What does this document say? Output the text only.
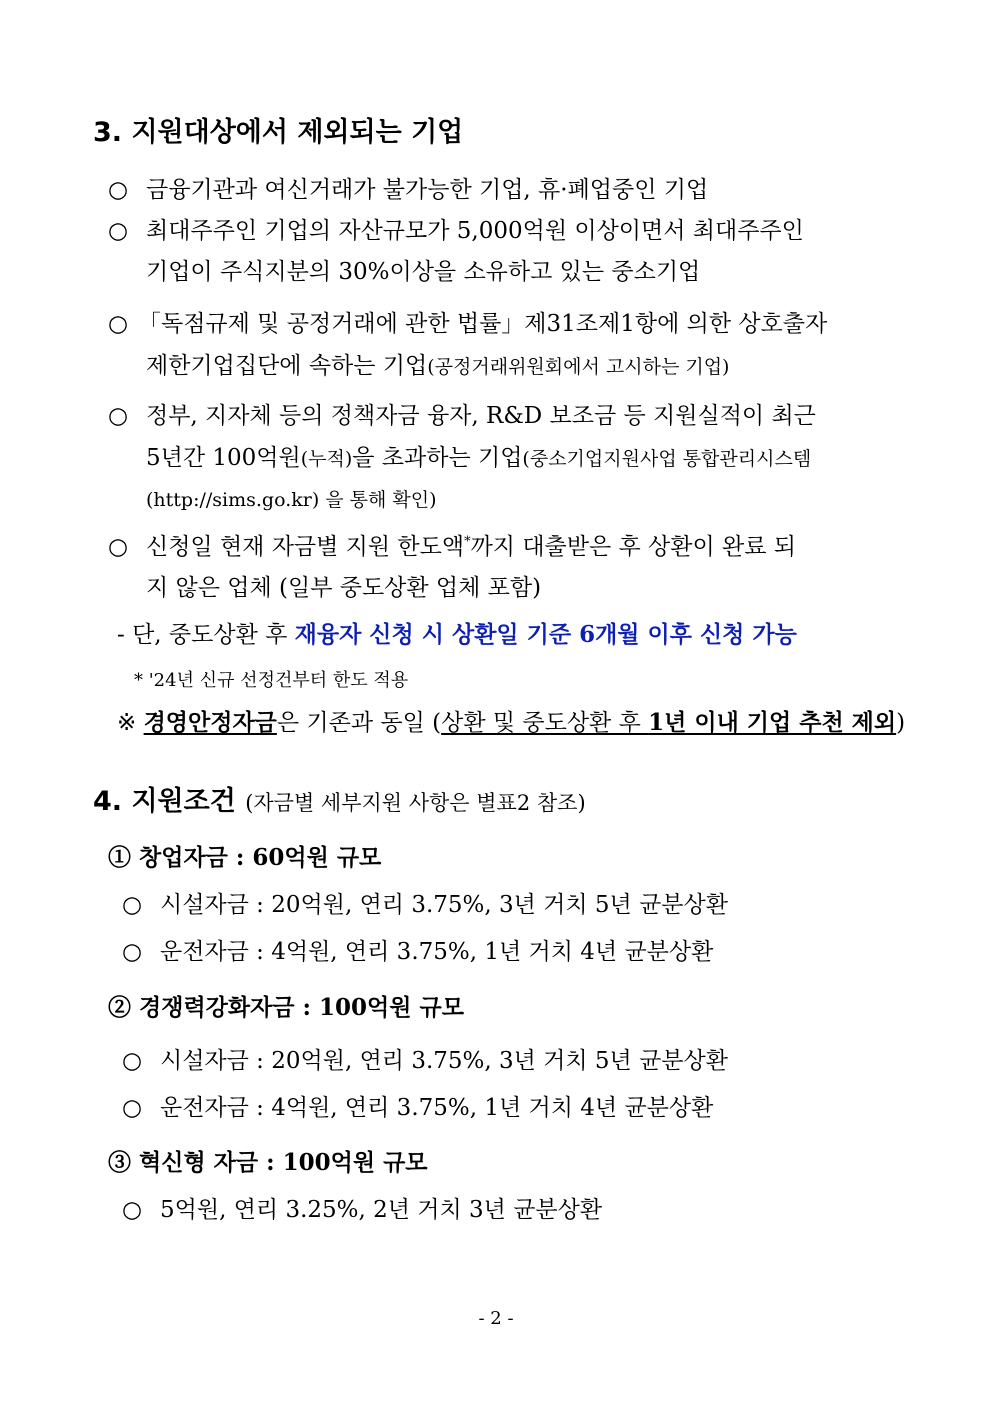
3. 지원대상에서 제외되는 기업
○ 금융기관과 여신거래가 불가능한 기업, 휴·폐업중인 기업
○ 최대주주인 기업의 자산규모가 5,000억원 이상이면서 최대주주인
기업이 주식지분의 30%이상을 소유하고 있는 중소기업
○ 「독점규제 및 공정거래에 관한 법률」제31조제1항에 의한 상호출자
제한기업집단에 속하는 기업(공정거래위원회에서 고시하는 기업)
○ 정부, 지자체 등의 정책자금 융자, R&D 보조금 등 지원실적이 최근
5년간 100억원(누적)을 초과하는 기업(중소기업지원사업 통합관리시스템
(http://sims.go.kr) 을 통해 확인)
○ 신청일 현재 자금별 지원 한도액*까지 대출받은 후 상환이 완료 되
지 않은 업체 (일부 중도상환 업체 포함)
- 단, 중도상환 후 재융자 신청 시 상환일 기준 6개월 이후 신청 가능
* '24년 신규 선정건부터 한도 적용
※ 경영안정자금은 기존과 동일 (상환 및 중도상환 후 1년 이내 기업 추천 제외)
4. 지원조건 (자금별 세부지원 사항은 별표2 참조)
① 창업자금 : 60억원 규모
○ 시설자금 : 20억원, 연리 3.75%, 3년 거치 5년 균분상환
○ 운전자금 : 4억원, 연리 3.75%, 1년 거치 4년 균분상환
② 경쟁력강화자금 : 100억원 규모
○ 시설자금 : 20억원, 연리 3.75%, 3년 거치 5년 균분상환
○ 운전자금 : 4억원, 연리 3.75%, 1년 거치 4년 균분상환
③ 혁신형 자금 : 100억원 규모
○ 5억원, 연리 3.25%, 2년 거치 3년 균분상환
- 2 -
